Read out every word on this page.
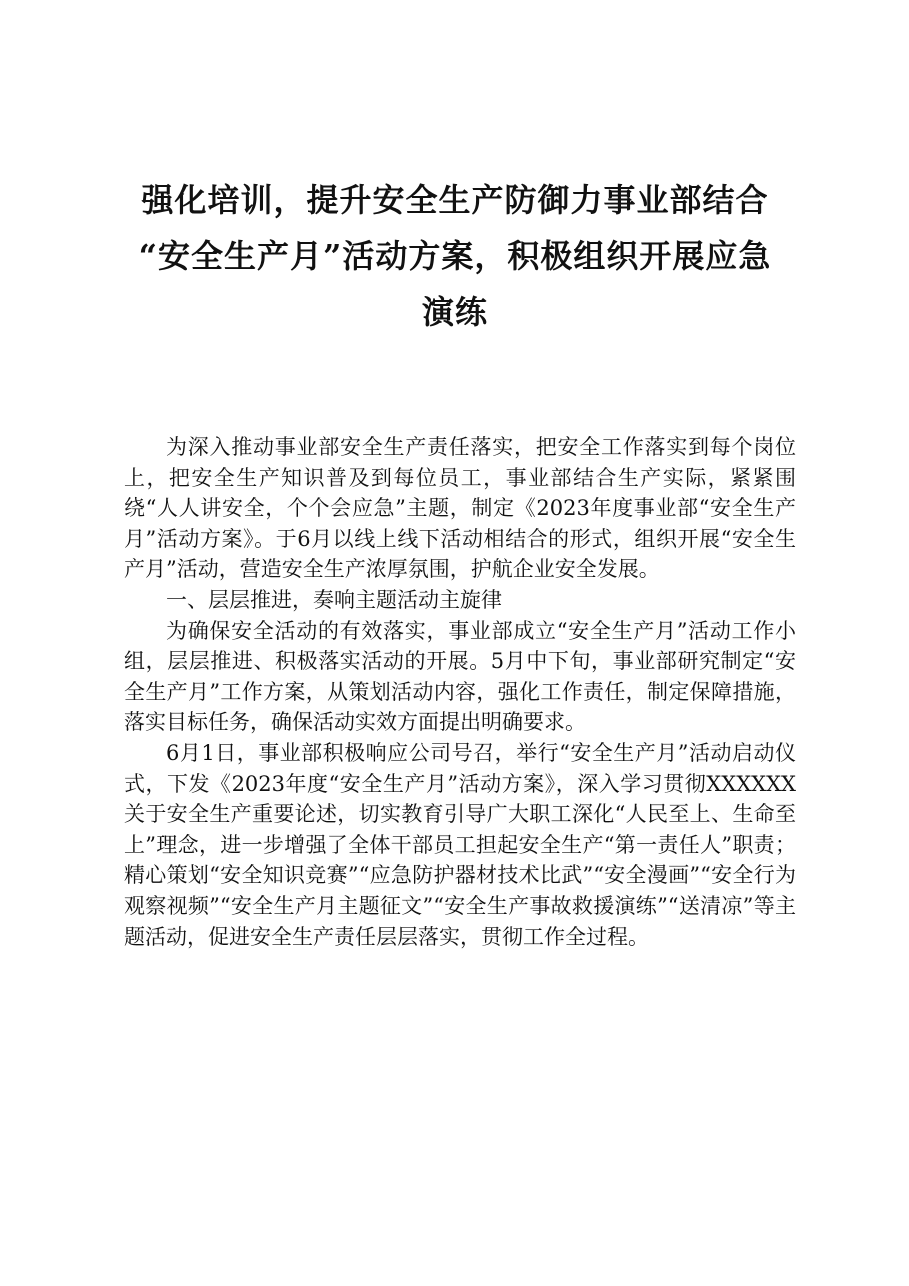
强化培训，提升安全生产防御力事业部结合
“安全生产月”活动方案，积极组织开展应急
演练

为深入推动事业部安全生产责任落实，把安全工作落实到每个岗位上，把安全生产知识普及到每位员工，事业部结合生产实际，紧紧围绕“人人讲安全，个个会应急”主题，制定《2023年度事业部“安全生产月”活动方案》。于6月以线上线下活动相结合的形式，组织开展“安全生产月”活动，营造安全生产浓厚氛围，护航企业安全发展。

一、层层推进，奏响主题活动主旋律

为确保安全活动的有效落实，事业部成立“安全生产月”活动工作小组，层层推进、积极落实活动的开展。5月中下旬，事业部研究制定“安全生产月”工作方案，从策划活动内容，强化工作责任，制定保障措施，落实目标任务，确保活动实效方面提出明确要求。

6月1日，事业部积极响应公司号召，举行“安全生产月”活动启动仪式，下发《2023年度“安全生产月”活动方案》，深入学习贯彻XXXXXX关于安全生产重要论述，切实教育引导广大职工深化“人民至上、生命至上”理念，进一步增强了全体干部员工担起安全生产“第一责任人”职责；精心策划“安全知识竞赛”“应急防护器材技术比武”“安全漫画”“安全行为观察视频”“安全生产月主题征文”“安全生产事故救援演练”“送清凉”等主题活动，促进安全生产责任层层落实，贯彻工作全过程。
